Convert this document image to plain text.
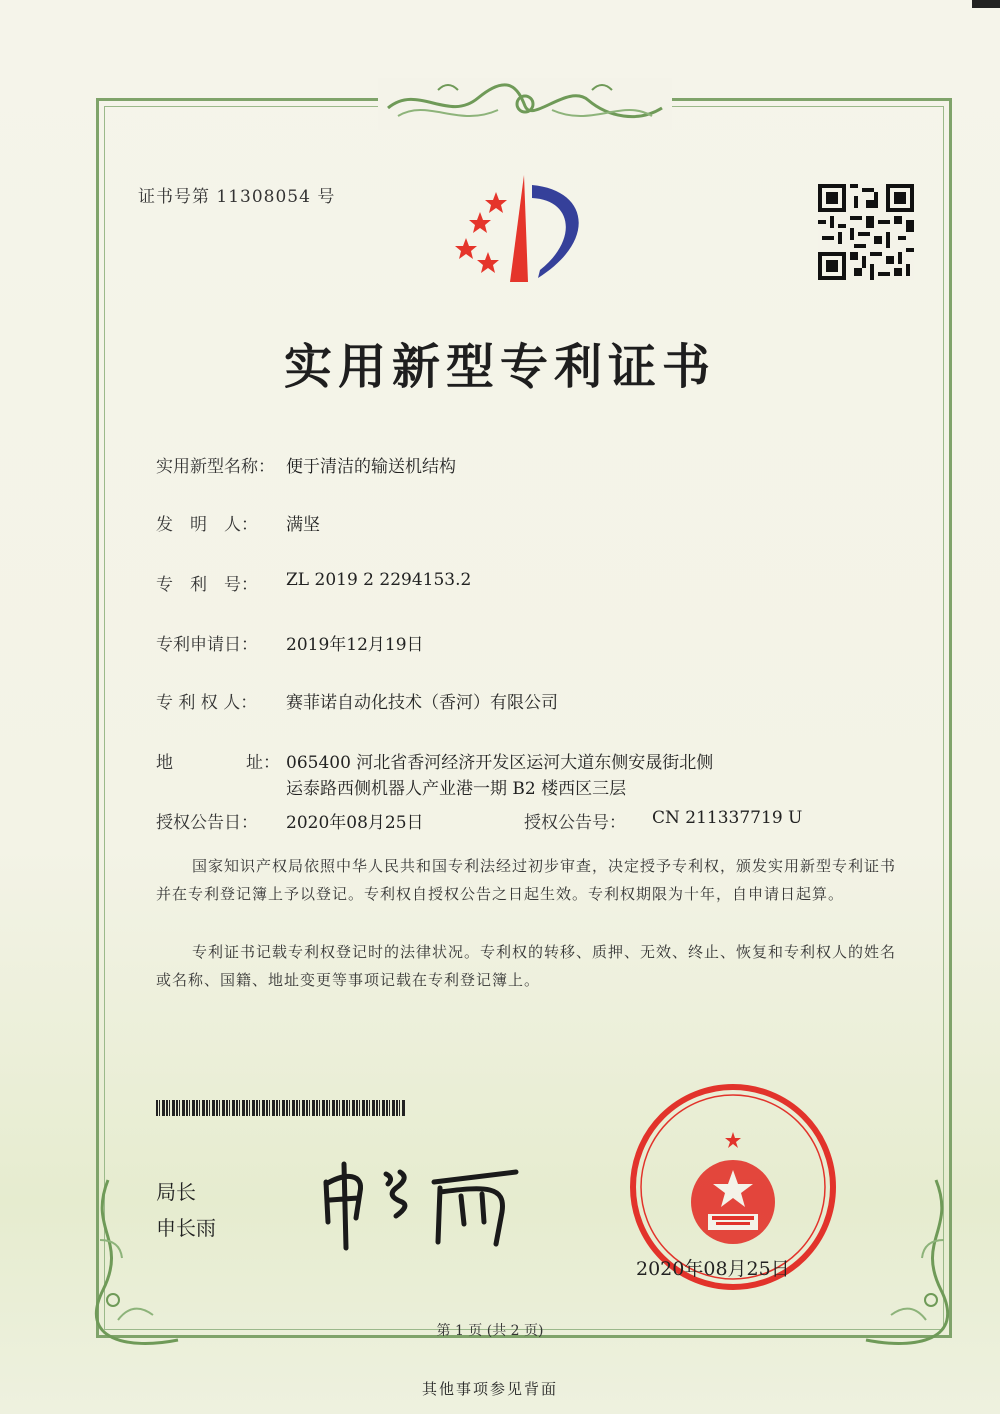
证书号第 11308054 号
实用新型专利证书
实用新型名称： 便于清洁的输送机结构
发　明　人： 满坚
专　利　号： ZL 2019 2 2294153.2
专利申请日： 2019年12月19日
专 利 权 人： 赛菲诺自动化技术（香河）有限公司
地	址： 065400 河北省香河经济开发区运河大道东侧安晟街北侧
运泰路西侧机器人产业港一期 B2 楼西区三层
授权公告日： 2020年08月25日	授权公告号： CN 211337719 U
国家知识产权局依照中华人民共和国专利法经过初步审查，决定授予专利权，颁发实用新型专利证书并在专利登记簿上予以登记。专利权自授权公告之日起生效。专利权期限为十年，自申请日起算。
专利证书记载专利权登记时的法律状况。专利权的转移、质押、无效、终止、恢复和专利权人的姓名或名称、国籍、地址变更等事项记载在专利登记簿上。
局长
申长雨
2020年08月25日
第 1 页 (共 2 页)
其他事项参见背面
